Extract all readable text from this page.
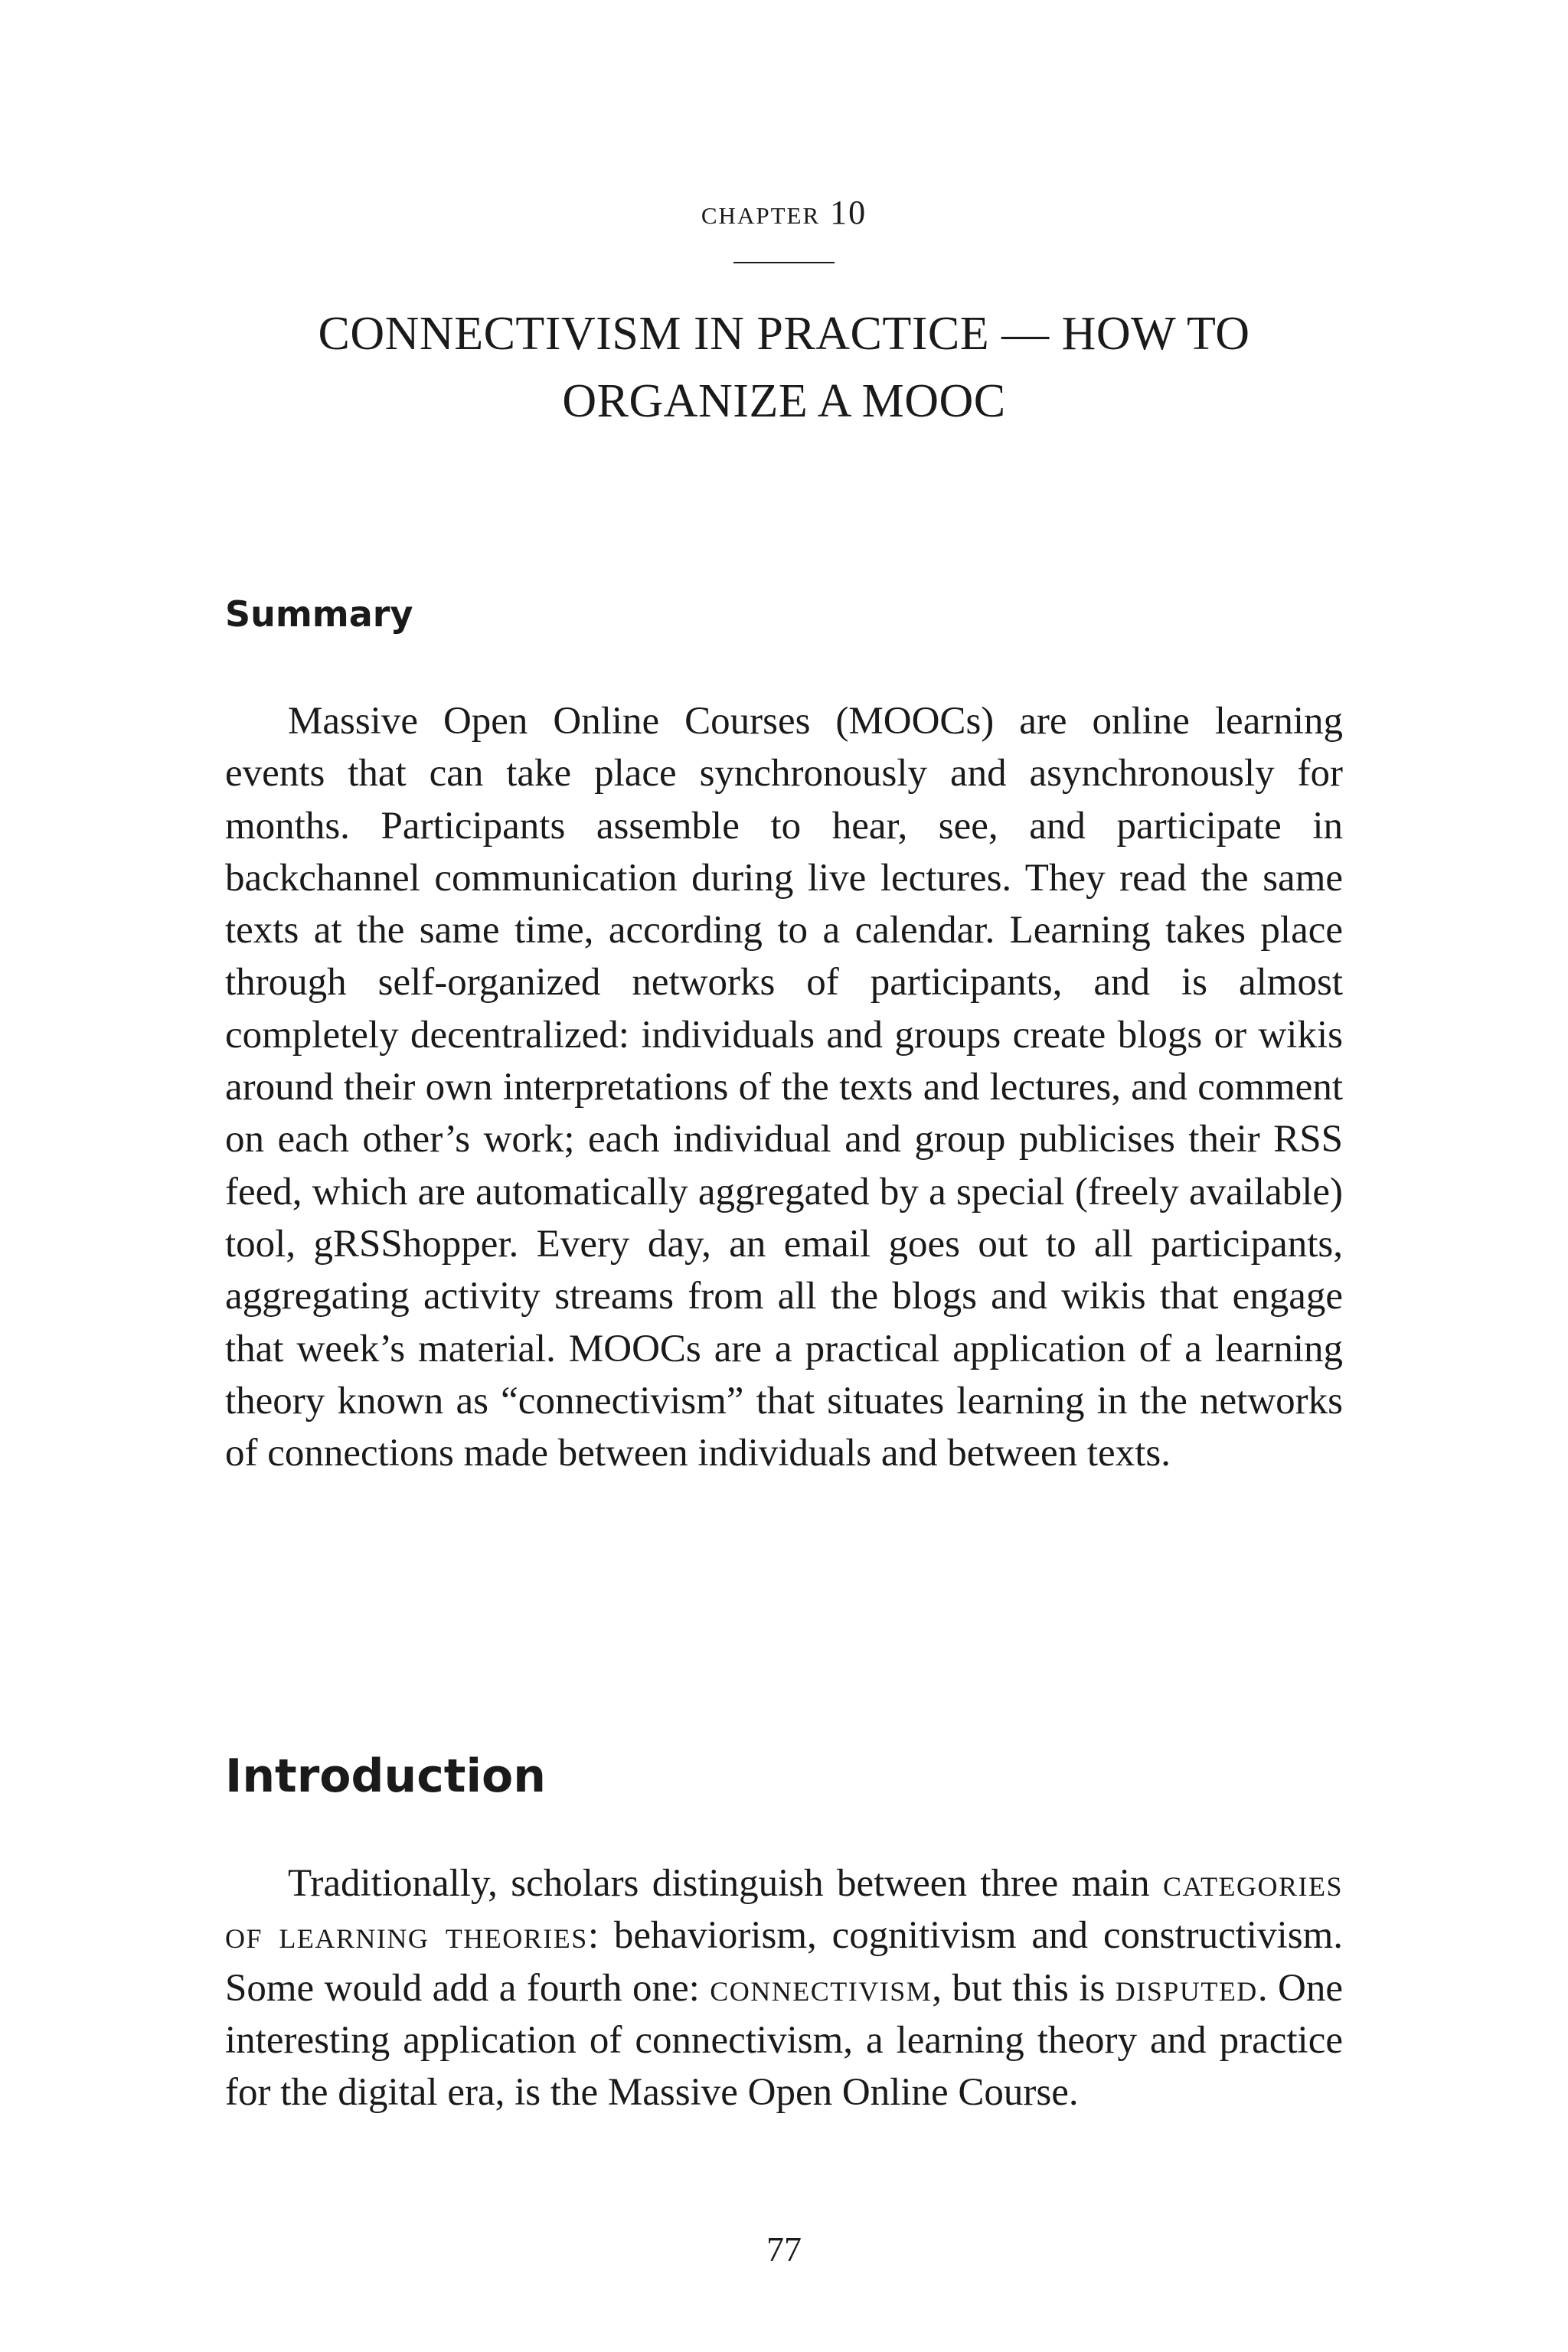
chapter 10
CONNECTIVISM IN PRACTICE — HOW TO ORGANIZE A MOOC
Summary

Massive Open Online Courses (MOOCs) are online learning events that can take place synchronously and asynchronously for months. Participants assemble to hear, see, and participate in backchannel communication during live lectures. They read the same texts at the same time, according to a calendar. Learning takes place through self-organized networks of participants, and is almost completely decentralized: individuals and groups create blogs or wikis around their own interpretations of the texts and lectures, and comment on each other’s work; each individual and group publicises their RSS feed, which are automatically aggregated by a special (freely available) tool, gRSShopper. Every day, an email goes out to all participants, aggregating activity streams from all the blogs and wikis that engage that week’s material. MOOCs are a practical application of a learning theory known as “connectivism” that situates learning in the networks of connections made between individuals and between texts.

Introduction

Traditionally, scholars distinguish between three main categories of learning theories: behaviorism, cognitivism and constructivism. Some would add a fourth one: connectivism, but this is disputed. One interesting application of connectivism, a learning theory and practice for the digital era, is the Massive Open Online Course.

77
